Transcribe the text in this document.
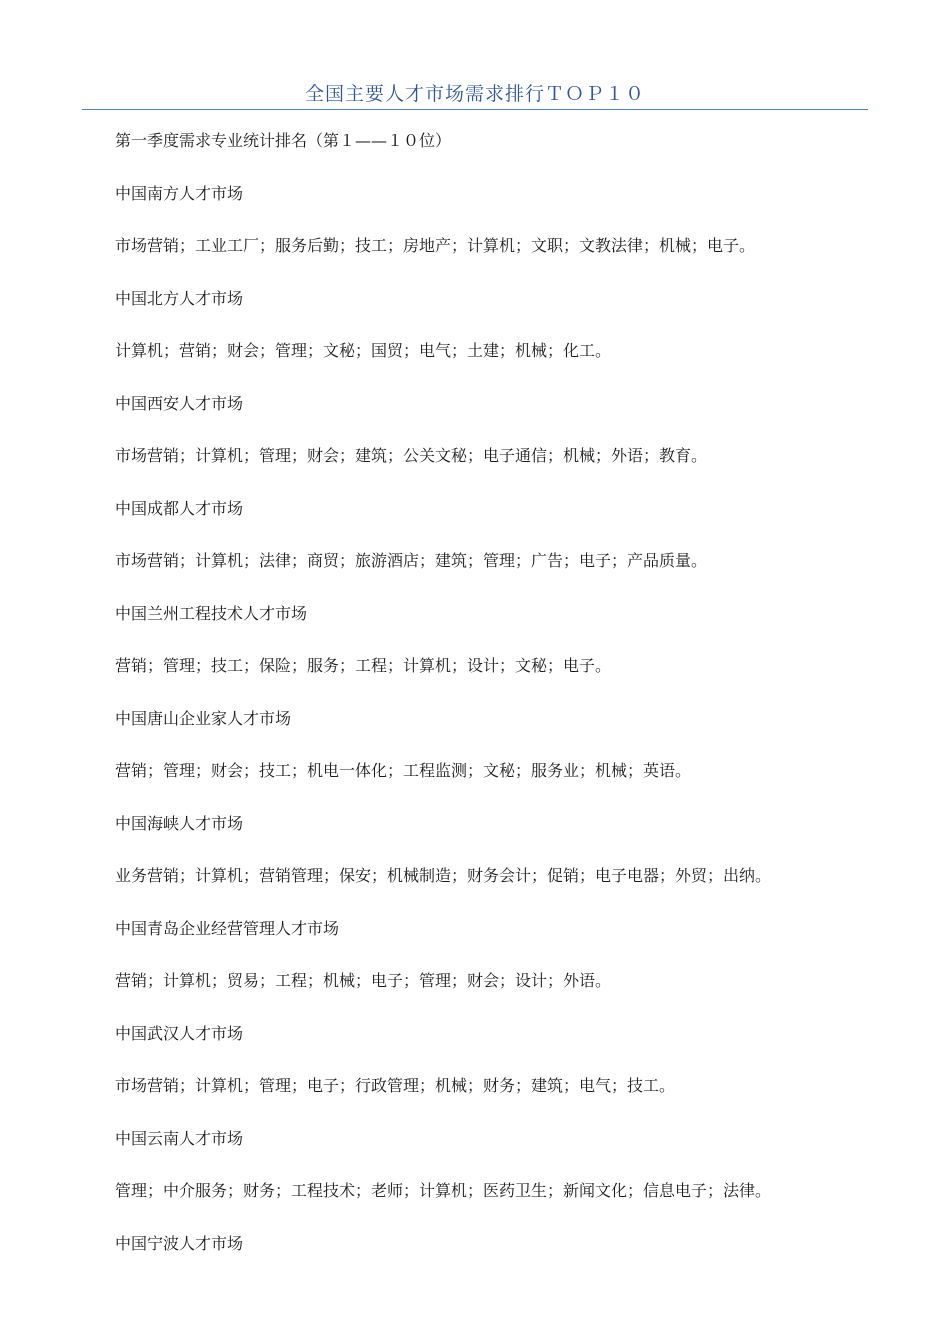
全国主要人才市场需求排行ＴＯＰ１０
第一季度需求专业统计排名（第１——１０位）
中国南方人才市场
市场营销；工业工厂；服务后勤；技工；房地产；计算机；文职；文教法律；机械；电子。
中国北方人才市场
计算机；营销；财会；管理；文秘；国贸；电气；土建；机械；化工。
中国西安人才市场
市场营销；计算机；管理；财会；建筑；公关文秘；电子通信；机械；外语；教育。
中国成都人才市场
市场营销；计算机；法律；商贸；旅游酒店；建筑；管理；广告；电子；产品质量。
中国兰州工程技术人才市场
营销；管理；技工；保险；服务；工程；计算机；设计；文秘；电子。
中国唐山企业家人才市场
营销；管理；财会；技工；机电一体化；工程监测；文秘；服务业；机械；英语。
中国海峡人才市场
业务营销；计算机；营销管理；保安；机械制造；财务会计；促销；电子电器；外贸；出纳。
中国青岛企业经营管理人才市场
营销；计算机；贸易；工程；机械；电子；管理；财会；设计；外语。
中国武汉人才市场
市场营销；计算机；管理；电子；行政管理；机械；财务；建筑；电气；技工。
中国云南人才市场
管理；中介服务；财务；工程技术；老师；计算机；医药卫生；新闻文化；信息电子；法律。
中国宁波人才市场
